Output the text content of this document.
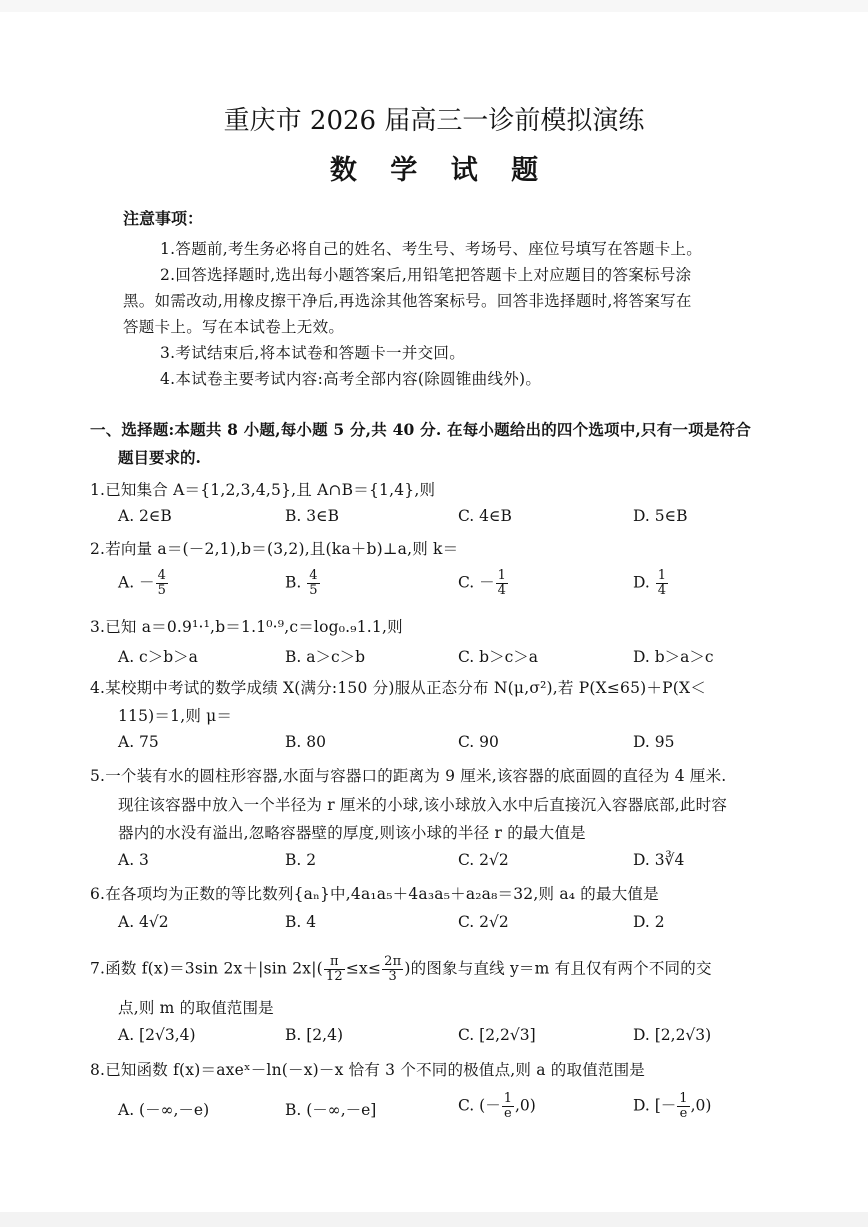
重庆市 2026 届高三一诊前模拟演练
数 学 试 题
注意事项：
1.答题前,考生务必将自己的姓名、考生号、考场号、座位号填写在答题卡上。
2.回答选择题时,选出每小题答案后,用铅笔把答题卡上对应题目的答案标号涂
黑。如需改动,用橡皮擦干净后,再选涂其他答案标号。回答非选择题时,将答案写在
答题卡上。写在本试卷上无效。
3.考试结束后,将本试卷和答题卡一并交回。
4.本试卷主要考试内容:高考全部内容(除圆锥曲线外)。
一、选择题:本题共 8 小题,每小题 5 分,共 40 分. 在每小题给出的四个选项中,只有一项是符合
题目要求的.
1.已知集合 A＝{1,2,3,4,5},且 A∩B＝{1,4},则
A. 2∈B	B. 3∈B	C. 4∈B	D. 5∈B
2.若向量 a＝(－2,1),b＝(3,2),且(ka＋b)⊥a,则 k＝
A. － $\frac{4}{5}$	B. $\frac{4}{5}$	C. － $\frac{1}{4}$	D. $\frac{1}{4}$
3.已知 a＝0.9¹·¹,b＝1.1⁰·⁹,c＝log₀.₉1.1,则
A. c＞b＞a	B. a＞c＞b	C. b＞c＞a	D. b＞a＞c
4.某校期中考试的数学成绩 X(满分:150 分)服从正态分布 N(μ,σ²),若 P(X≤65)＋P(X＜
115)＝1,则 μ＝
A. 75	B. 80	C. 90	D. 95
5.一个装有水的圆柱形容器,水面与容器口的距离为 9 厘米,该容器的底面圆的直径为 4 厘米.
现往该容器中放入一个半径为 r 厘米的小球,该小球放入水中后直接沉入容器底部,此时容
器内的水没有溢出,忽略容器壁的厚度,则该小球的半径 r 的最大值是
A. 3	B. 2	C. 2√2	D. 3∛4
6.在各项均为正数的等比数列{aₙ}中,4a₁a₅＋4a₃a₅＋a₂a₈＝32,则 a₄ 的最大值是
A. 4√2	B. 4	C. 2√2	D. 2
7.函数 f(x)＝3sin 2x＋|sin $2x|( \frac{\pi}{12} \le x\le \frac{2\pi}{3}$ )的图象与直线 y＝m 有且仅有两个不同的交
点,则 m 的取值范围是
A. [2√3,4)	B. [2,4)	C. [2,2√3]	D. [2,2√3)
8.已知函数 f(x)＝axeˣ－ln(－x)－x 恰有 3 个不同的极值点,则 a 的取值范围是
A. (－∞,－e)	B. (－∞,－e]	C. (－ $\frac{1}{e} ,0$)	D. [－ $\frac{1}{e} ,0$)
